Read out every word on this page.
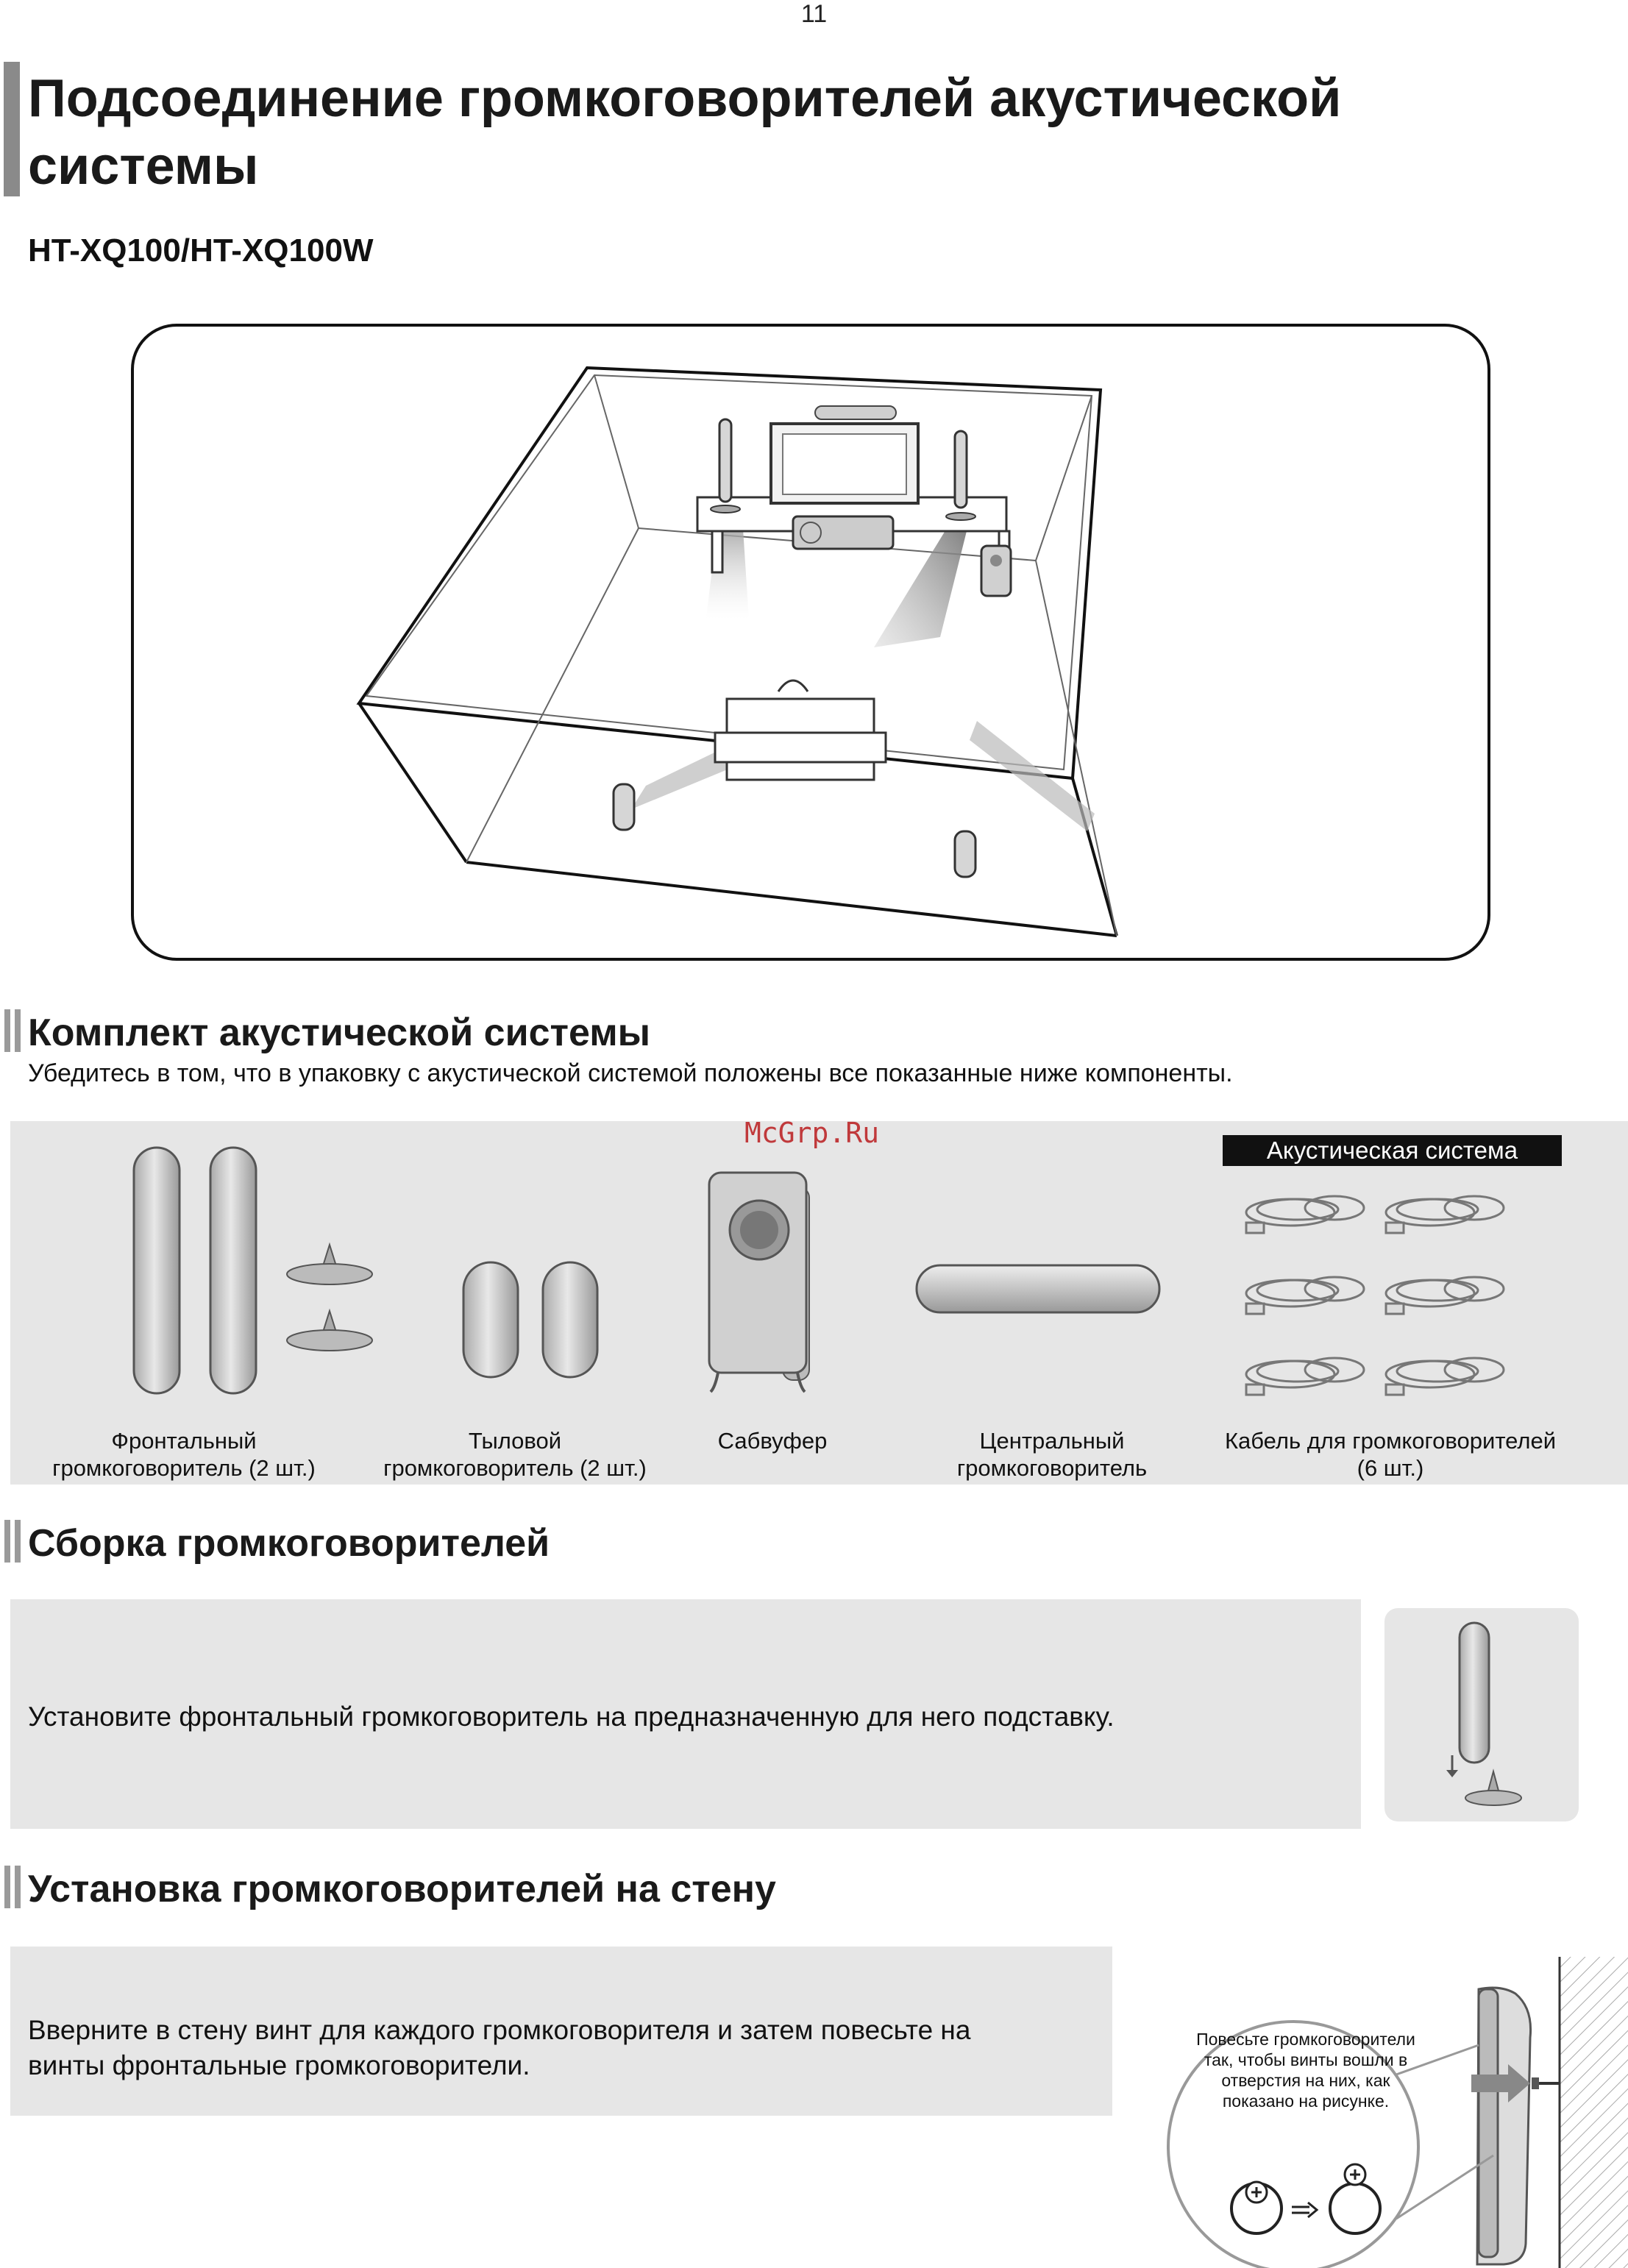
11
Подсоединение громкоговорителей акустической системы
HT-XQ100/HT-XQ100W
Комплект акустической системы
Убедитесь в том, что в упаковку с акустической системой положены все показанные ниже компоненты.
McGrp.Ru
Акустическая система
Фронтальный
громкоговоритель (2 шт.)
Тыловой
громкоговоритель (2 шт.)
Сабвуфер	Центральный
громкоговоритель
Кабель для громкоговорителей
(6 шт.)
Сборка громкоговорителей
Установите фронтальный громкоговоритель на предназначенную для него подставку.
Установка громкоговорителей на стену
Вверните в стену винт для каждого громкоговорителя и затем повесьте на
винты фронтальные громкоговорители.
Повесьте громкоговорители так, чтобы винты вошли в отверстия на них, как показано на рисунке.
